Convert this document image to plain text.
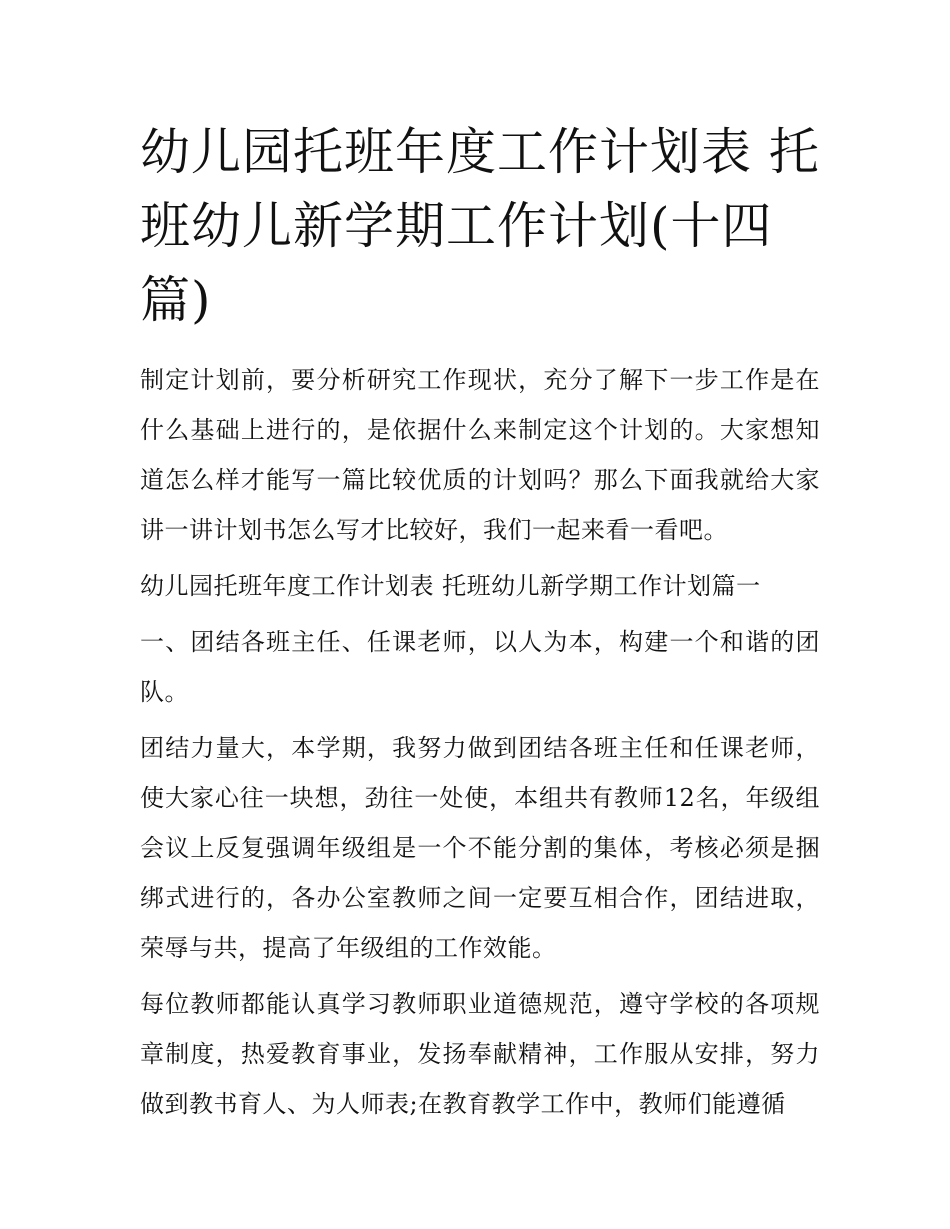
幼儿园托班年度工作计划表 托班幼儿新学期工作计划(十四篇)

制定计划前，要分析研究工作现状，充分了解下一步工作是在什么基础上进行的，是依据什么来制定这个计划的。大家想知道怎么样才能写一篇比较优质的计划吗？那么下面我就给大家讲一讲计划书怎么写才比较好，我们一起来看一看吧。

幼儿园托班年度工作计划表 托班幼儿新学期工作计划篇一

一、团结各班主任、任课老师，以人为本，构建一个和谐的团队。

团结力量大，本学期，我努力做到团结各班主任和任课老师，使大家心往一块想，劲往一处使，本组共有教师12名，年级组会议上反复强调年级组是一个不能分割的集体，考核必须是捆绑式进行的，各办公室教师之间一定要互相合作，团结进取，荣辱与共，提高了年级组的工作效能。

每位教师都能认真学习教师职业道德规范，遵守学校的各项规章制度，热爱教育事业，发扬奉献精神，工作服从安排，努力做到教书育人、为人师表;在教育教学工作中，教师们能遵循
